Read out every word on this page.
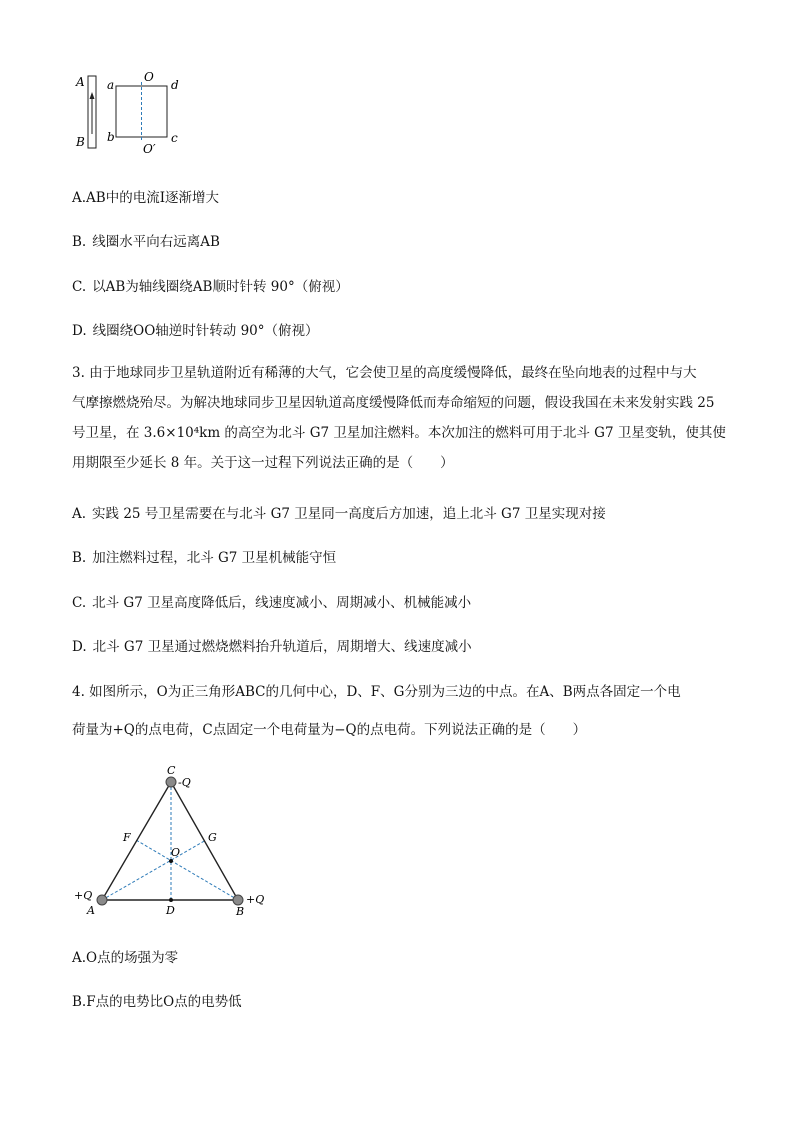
A
B
a
b
O
d
c
O′
A.AB中的电流I逐渐增大
B. 线圈水平向右远离AB
C. 以AB为轴线圈绕AB顺时针转 90°（俯视）
D. 线圈绕OO轴逆时针转动 90°（俯视）

3. 由于地球同步卫星轨道附近有稀薄的大气，它会使卫星的高度缓慢降低，最终在坠向地表的过程中与大

气摩擦燃烧殆尽。为解决地球同步卫星因轨道高度缓慢降低而寿命缩短的问题，假设我国在未来发射实践 25

号卫星，在 3.6×10⁴km 的高空为北斗 G7 卫星加注燃料。本次加注的燃料可用于北斗 G7 卫星变轨，使其使

用期限至少延长 8 年。关于这一过程下列说法正确的是（　　）

A. 实践 25 号卫星需要在与北斗 G7 卫星同一高度后方加速，追上北斗 G7 卫星实现对接
B. 加注燃料过程，北斗 G7 卫星机械能守恒
C. 北斗 G7 卫星高度降低后，线速度减小、周期减小、机械能减小
D. 北斗 G7 卫星通过燃烧燃料抬升轨道后，周期增大、线速度减小

4. 如图所示，O为正三角形ABC的几何中心，D、F、G分别为三边的中点。在A、B两点各固定一个电

荷量为+Q的点电荷，C点固定一个电荷量为−Q的点电荷。下列说法正确的是（　　）

C
-Q
F	G
O
+Q
A	D	B
+Q
A.O点的场强为零
B.F点的电势比O点的电势低
